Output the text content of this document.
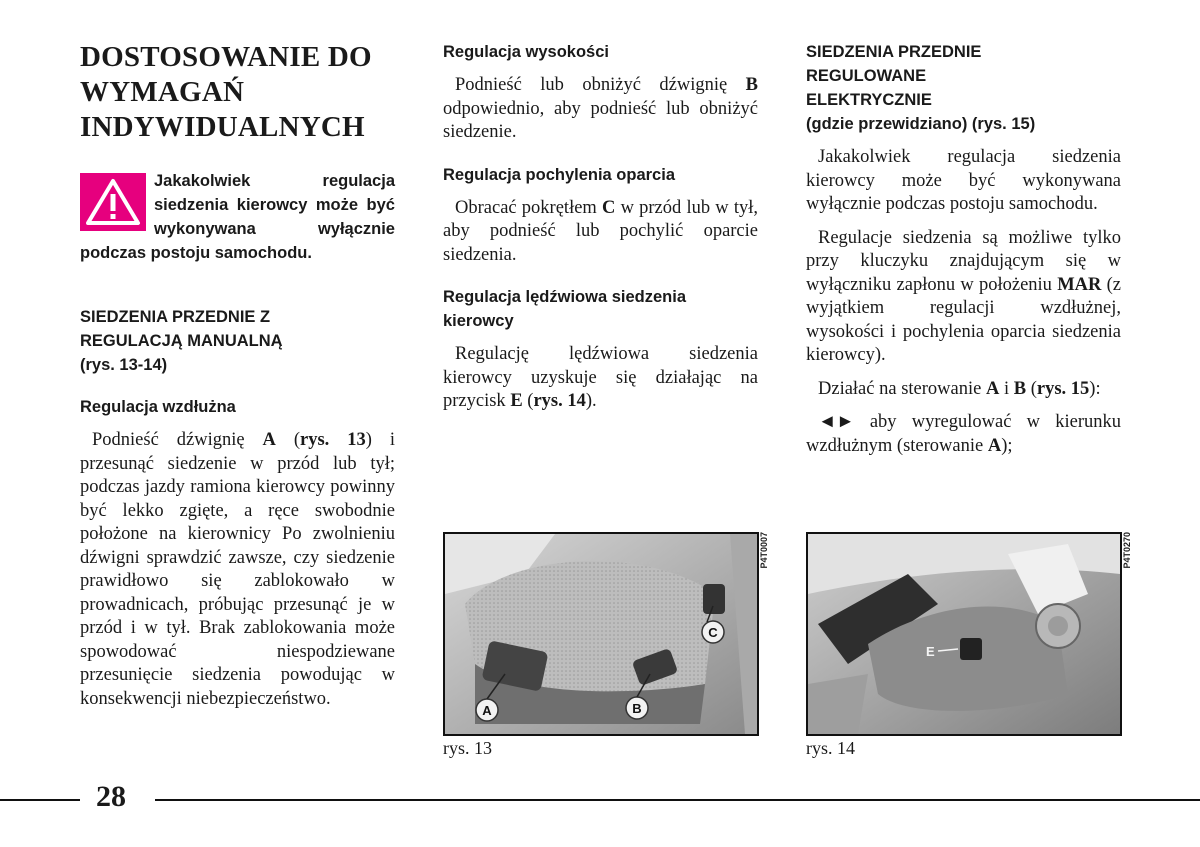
DOSTOSOWANIE DO
WYMAGAŃ
INDYWIDUALNYCH

Jakakolwiek regulacja siedzenia kierowcy może być wykonywana wyłącznie podczas postoju samochodu.

SIEDZENIA PRZEDNIE Z
REGULACJĄ MANUALNĄ
(rys. 13-14)
Regulacja wzdłużna

Podnieść dźwignię A (rys. 13) i przesunąć siedzenie w przód lub tył; podczas jazdy ramiona kierowcy powinny być lekko zgięte, a ręce swobodnie położone na kierownicy Po zwolnieniu dźwigni sprawdzić zawsze, czy siedzenie prawidłowo się zablokowało w prowadnicach, próbując przesunąć je w przód i w tył. Brak zablokowania może spowodować niespodziewane przesunięcie siedzenia powodując w konsekwencji niebezpieczeństwo.

Regulacja wysokości

Podnieść lub obniżyć dźwignię B odpowiednio, aby podnieść lub obniżyć siedzenie.

Regulacja pochylenia oparcia

Obracać pokrętłem C w przód lub w tył, aby podnieść lub pochylić oparcie siedzenia.

Regulacja lędźwiowa siedzenia kierowcy

Regulację lędźwiowa siedzenia kierowcy uzyskuje się działając na przycisk E (rys. 14).

SIEDZENIA PRZEDNIE
REGULOWANE
ELEKTRYCZNIE
(gdzie przewidziano) (rys. 15)

Jakakolwiek regulacja siedzenia kierowcy może być wykonywana wyłącznie podczas postoju samochodu.

Regulacje siedzenia są możliwe tylko przy kluczyku znajdującym się w wyłączniku zapłonu w położeniu MAR (z wyjątkiem regulacji wzdłużnej, wysokości i pochylenia oparcia siedzenia kierowcy).

Działać na sterowanie A i B (rys. 15):

◄► aby wyregulować w kierunku wzdłużnym (sterowanie A);

A	B
C
P4T0007
rys. 13
E
P4T0270
rys. 14
28
